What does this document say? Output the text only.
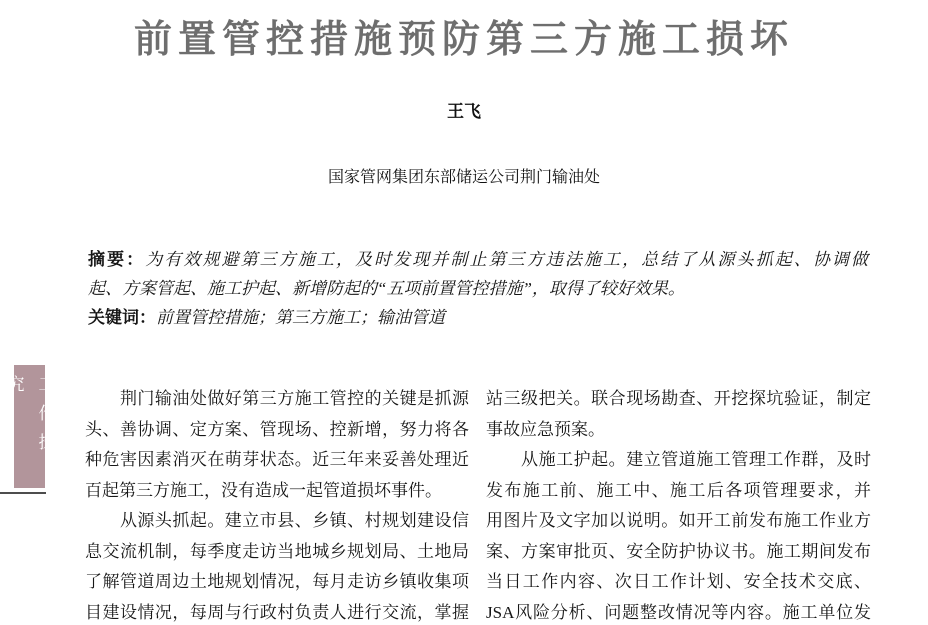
前置管控措施预防第三方施工损坏
王飞
国家管网集团东部储运公司荆门输油处
摘要：为有效规避第三方施工，及时发现并制止第三方违法施工，总结了从源头抓起、协调做
起、方案管起、施工护起、新增防起的“五项前置管控措施”，取得了较好效果。
关键词：前置管控措施；第三方施工；输油管道
工作探究	　　荆门输油处做好第三方施工管控的关键是抓源
头、善协调、定方案、管现场、控新增，努力将各
种危害因素消灭在萌芽状态。近三年来妥善处理近
百起第三方施工，没有造成一起管道损坏事件。
　　从源头抓起。建立市县、乡镇、村规划建设信
息交流机制，每季度走访当地城乡规划局、土地局
了解管道周边土地规划情况，每月走访乡镇收集项
目建设情况，每周与行政村负责人进行交流，掌握
站三级把关。联合现场勘查、开挖探坑验证，制定
事故应急预案。
　　从施工护起。建立管道施工管理工作群，及时
发布施工前、施工中、施工后各项管理要求，并
用图片及文字加以说明。如开工前发布施工作业方
案、方案审批页、安全防护协议书。施工期间发布
当日工作内容、次日工作计划、安全技术交底、
JSA风险分析、问题整改情况等内容。施工单位发
